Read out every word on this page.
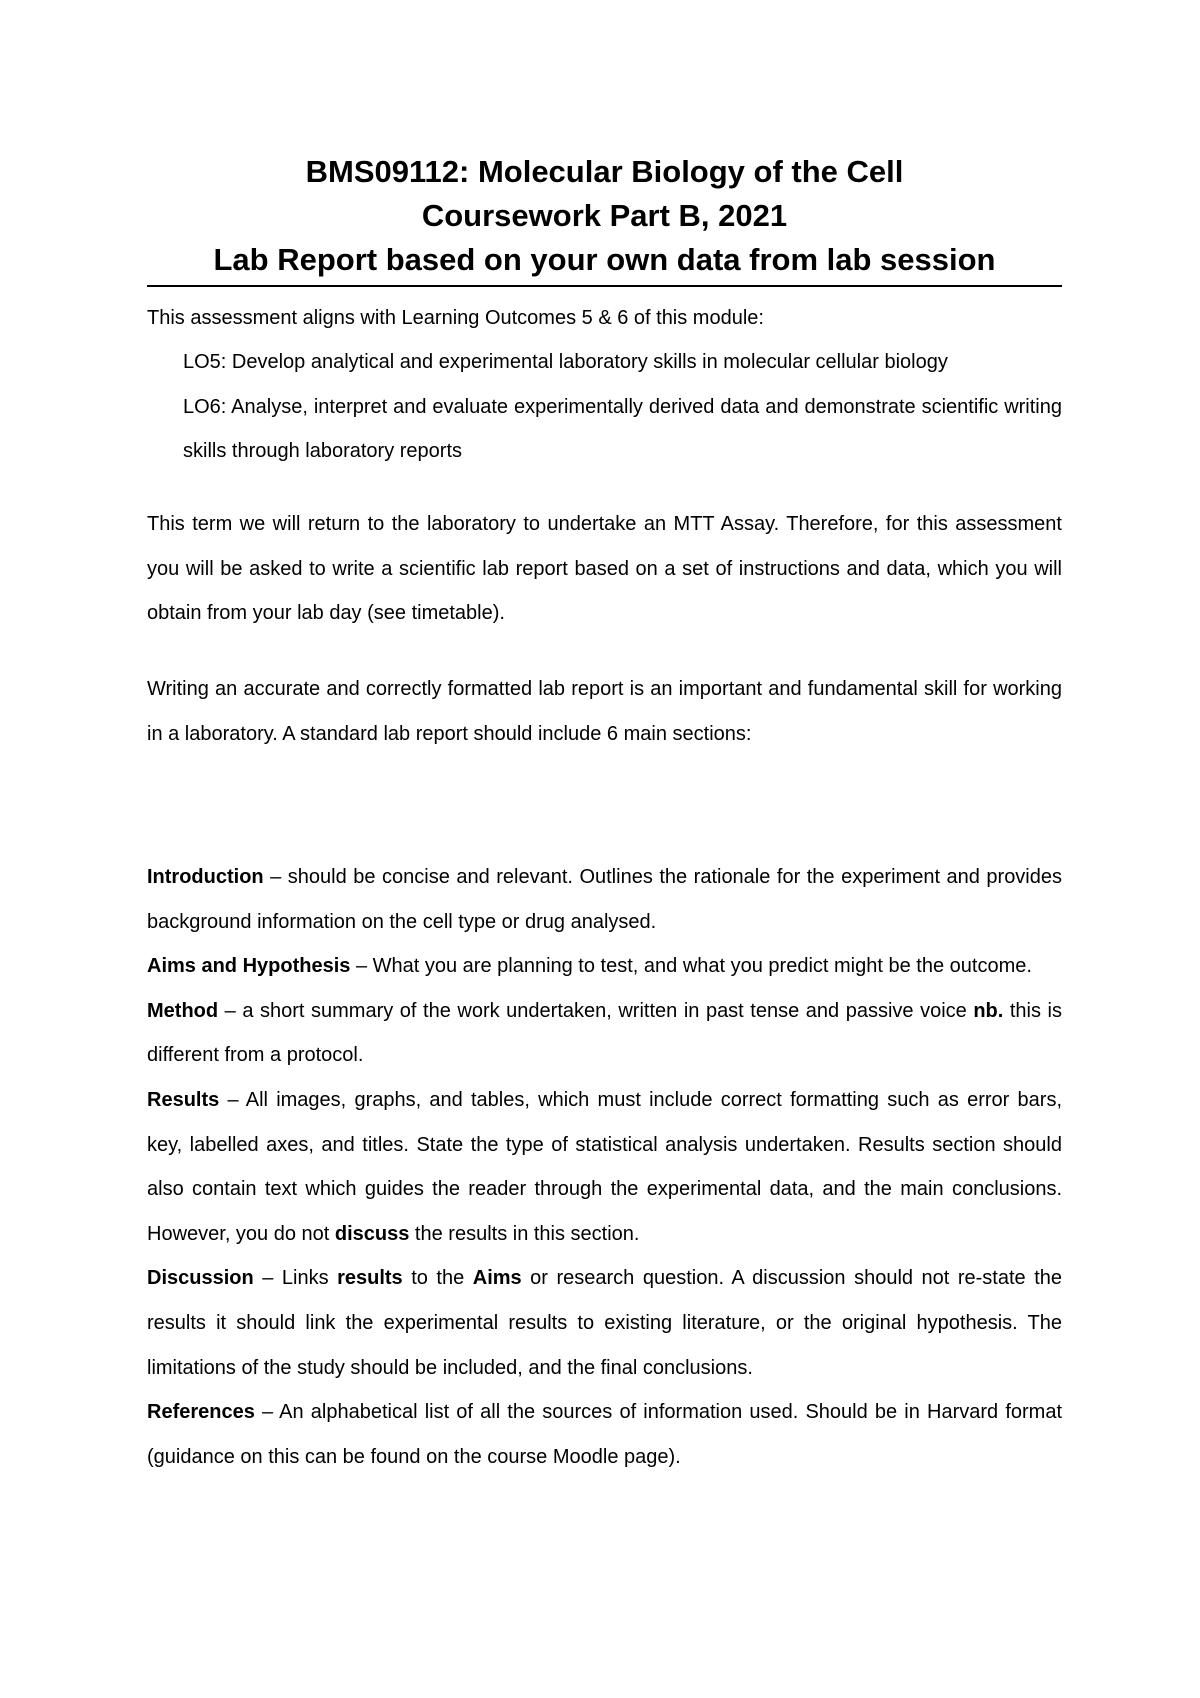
BMS09112: Molecular Biology of the Cell

Coursework Part B, 2021

Lab Report based on your own data from lab session

This assessment aligns with Learning Outcomes 5 & 6 of this module:

LO5: Develop analytical and experimental laboratory skills in molecular cellular biology

LO6: Analyse, interpret and evaluate experimentally derived data and demonstrate scientific writing skills through laboratory reports

This term we will return to the laboratory to undertake an MTT Assay. Therefore, for this assessment you will be asked to write a scientific lab report based on a set of instructions and data, which you will obtain from your lab day (see timetable).

Writing an accurate and correctly formatted lab report is an important and fundamental skill for working in a laboratory. A standard lab report should include 6 main sections:

Introduction – should be concise and relevant. Outlines the rationale for the experiment and provides background information on the cell type or drug analysed.

Aims and Hypothesis – What you are planning to test, and what you predict might be the outcome.

Method – a short summary of the work undertaken, written in past tense and passive voice nb. this is different from a protocol.

Results – All images, graphs, and tables, which must include correct formatting such as error bars, key, labelled axes, and titles. State the type of statistical analysis undertaken. Results section should also contain text which guides the reader through the experimental data, and the main conclusions. However, you do not discuss the results in this section.

Discussion – Links results to the Aims or research question. A discussion should not re-state the results it should link the experimental results to existing literature, or the original hypothesis. The limitations of the study should be included, and the final conclusions.

References – An alphabetical list of all the sources of information used. Should be in Harvard format (guidance on this can be found on the course Moodle page).
